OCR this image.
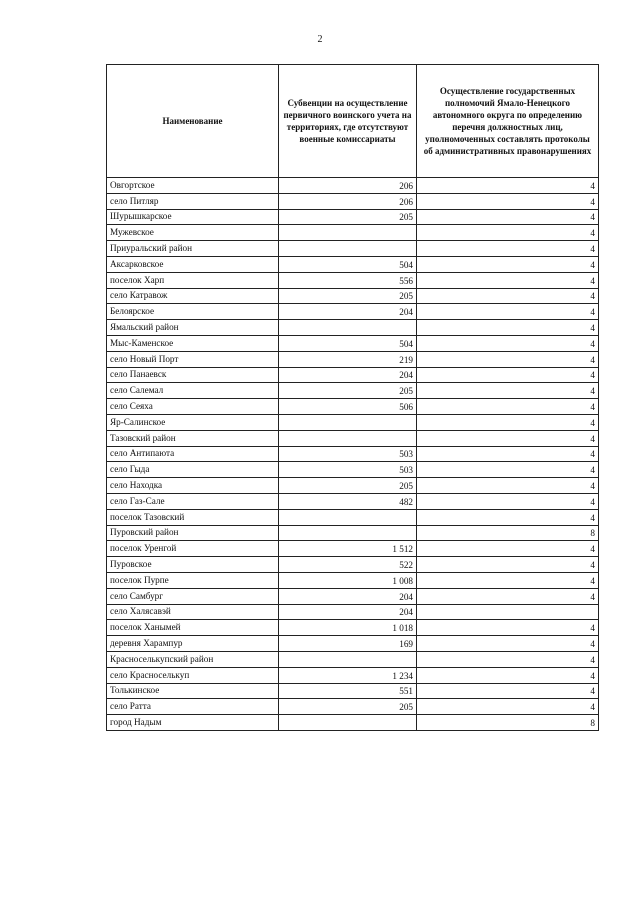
2
Наименование	Субвенции на осуществление первичного воинского учета на территориях, где отсутствуют военные комиссариаты	Осуществление государственных полномочий Ямало-Ненецкого автономного округа по определению перечня должностных лиц, уполномоченных составлять протоколы об административных правонарушениях
Овгортское	206	4
село Питляр	206	4
Шурышкарское	205	4
Мужевское		4
Приуральский район		4
Аксарковское	504	4
поселок Харп	556	4
село Катравож	205	4
Белоярское	204	4
Ямальский район		4
Мыс-Каменское	504	4
село Новый Порт	219	4
село Панаевск	204	4
село Салемал	205	4
село Сеяха	506	4
Яр-Салинское		4
Тазовский район		4
село Антипаюта	503	4
село Гыда	503	4
село Находка	205	4
село Газ-Сале	482	4
поселок Тазовский		4
Пуровский район		8
поселок Уренгой	1 512	4
Пуровское	522	4
поселок Пурпе	1 008	4
село Самбург	204	4
село Халясавэй	204	
поселок Ханымей	1 018	4
деревня Харампур	169	4
Красноселькупский район		4
село Красноселькуп	1 234	4
Толькинское	551	4
село Ратта	205	4
город Надым		8
